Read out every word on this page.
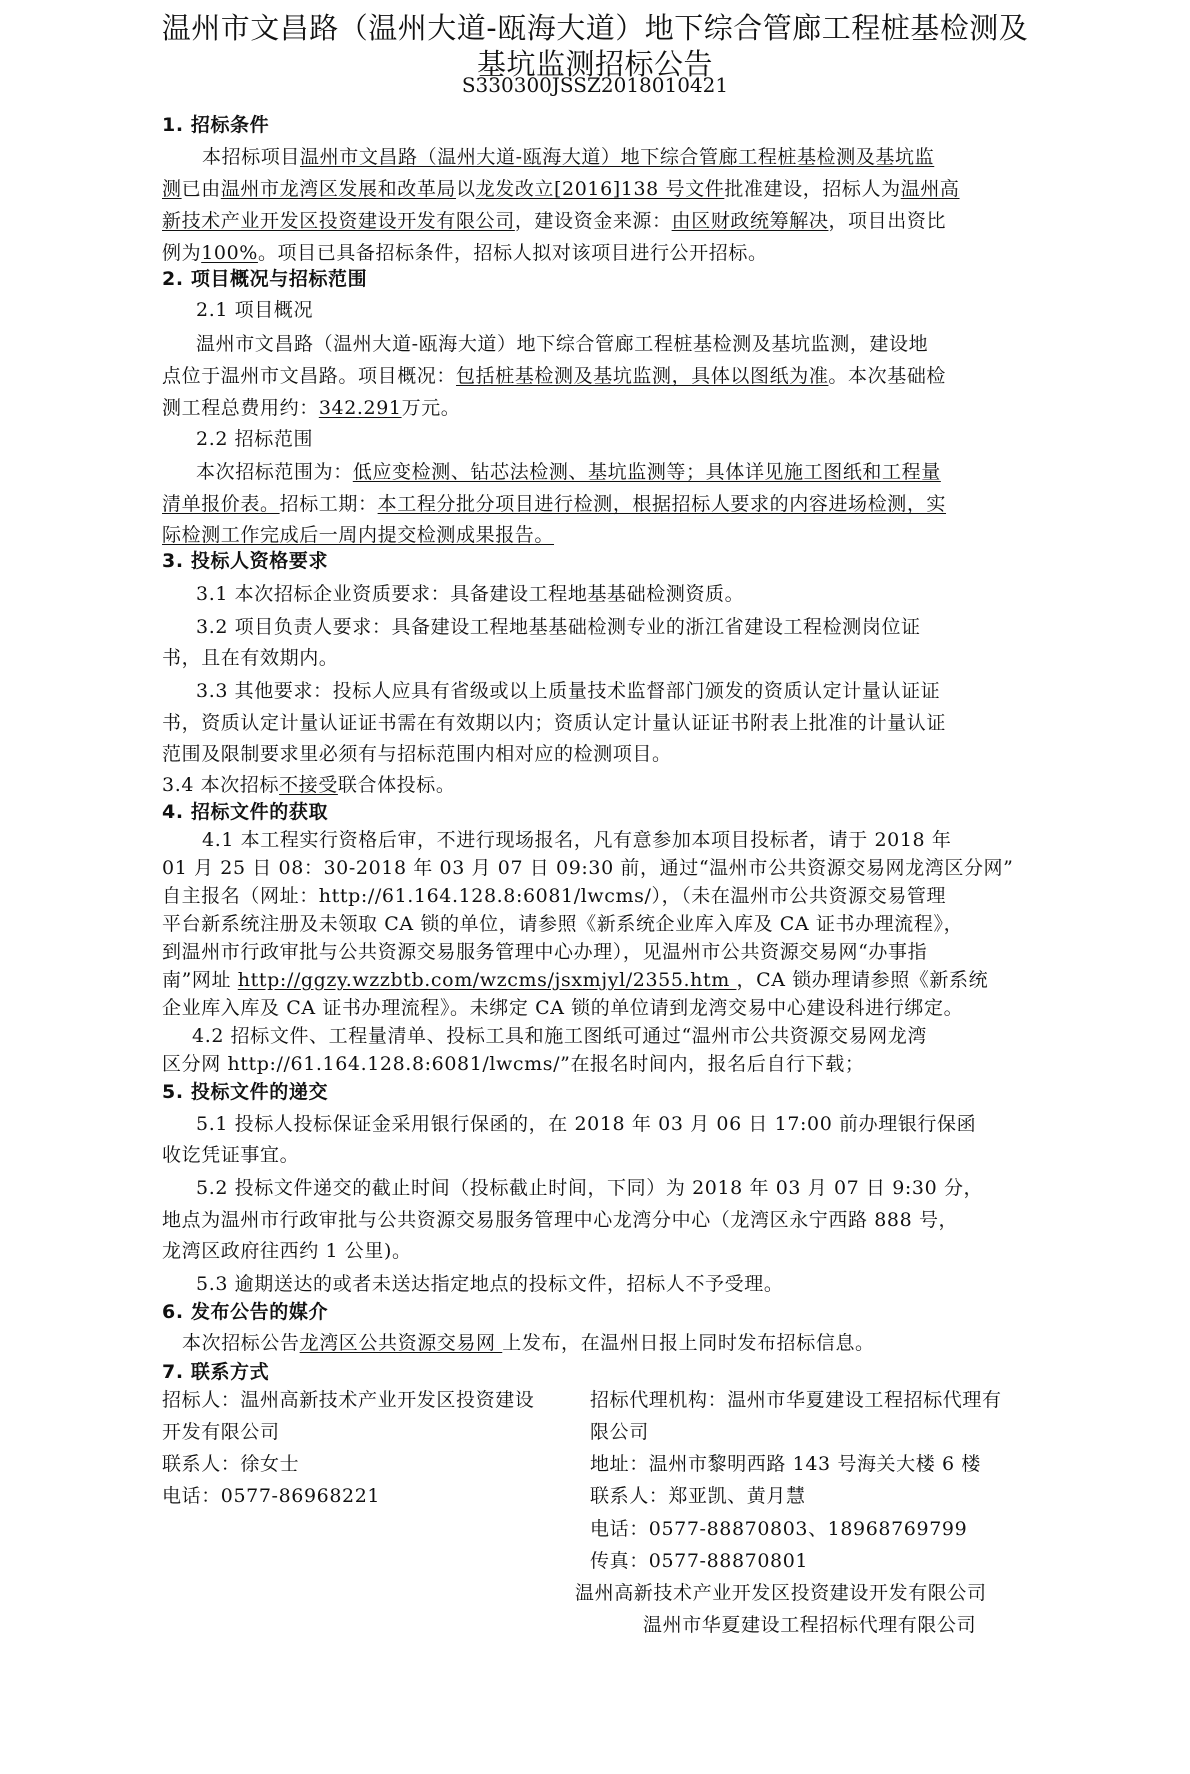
温州市文昌路（温州大道-瓯海大道）地下综合管廊工程桩基检测及
基坑监测招标公告
S330300JSSZ2018010421
1. 招标条件
本招标项目温州市文昌路（温州大道-瓯海大道）地下综合管廊工程桩基检测及基坑监
测已由温州市龙湾区发展和改革局以龙发改立[2016]138 号文件批准建设，招标人为温州高
新技术产业开发区投资建设开发有限公司，建设资金来源：由区财政统筹解决，项目出资比
例为100%。项目已具备招标条件，招标人拟对该项目进行公开招标。
2. 项目概况与招标范围
2.1 项目概况
温州市文昌路（温州大道-瓯海大道）地下综合管廊工程桩基检测及基坑监测，建设地
点位于温州市文昌路。项目概况：包括桩基检测及基坑监测，具体以图纸为准。本次基础检
测工程总费用约：342.291万元。
2.2 招标范围
本次招标范围为：低应变检测、钻芯法检测、基坑监测等；具体详见施工图纸和工程量
清单报价表。招标工期：本工程分批分项目进行检测，根据招标人要求的内容进场检测，实
际检测工作完成后一周内提交检测成果报告。
3. 投标人资格要求
3.1 本次招标企业资质要求：具备建设工程地基基础检测资质。
3.2 项目负责人要求：具备建设工程地基基础检测专业的浙江省建设工程检测岗位证
书，且在有效期内。
3.3 其他要求：投标人应具有省级或以上质量技术监督部门颁发的资质认定计量认证证
书，资质认定计量认证证书需在有效期以内；资质认定计量认证证书附表上批准的计量认证
范围及限制要求里必须有与招标范围内相对应的检测项目。
3.4 本次招标不接受联合体投标。
4. 招标文件的获取
4.1 本工程实行资格后审，不进行现场报名，凡有意参加本项目投标者，请于 2018 年
01 月 25 日 08：30-2018 年 03 月 07 日 09:30 前，通过“温州市公共资源交易网龙湾区分网”
自主报名（网址：http://61.164.128.8:6081/lwcms/），（未在温州市公共资源交易管理
平台新系统注册及未领取 CA 锁的单位，请参照《新系统企业库入库及 CA 证书办理流程》，
到温州市行政审批与公共资源交易服务管理中心办理），见温州市公共资源交易网“办事指
南”网址 http://ggzy.wzzbtb.com/wzcms/jsxmjyl/2355.htm ，CA 锁办理请参照《新系统
企业库入库及 CA 证书办理流程》。未绑定 CA 锁的单位请到龙湾交易中心建设科进行绑定。
4.2 招标文件、工程量清单、投标工具和施工图纸可通过“温州市公共资源交易网龙湾
区分网 http://61.164.128.8:6081/lwcms/”在报名时间内，报名后自行下载；
5. 投标文件的递交
5.1 投标人投标保证金采用银行保函的，在 2018 年 03 月 06 日 17:00 前办理银行保函
收讫凭证事宜。
5.2 投标文件递交的截止时间（投标截止时间，下同）为 2018 年 03 月 07 日 9:30 分，
地点为温州市行政审批与公共资源交易服务管理中心龙湾分中心（龙湾区永宁西路 888 号，
龙湾区政府往西约 1 公里)。
5.3 逾期送达的或者未送达指定地点的投标文件，招标人不予受理。
6. 发布公告的媒介
本次招标公告龙湾区公共资源交易网 上发布，在温州日报上同时发布招标信息。
7. 联系方式
招标人：温州高新技术产业开发区投资建设
开发有限公司
联系人：徐女士
电话：0577-86968221
招标代理机构：温州市华夏建设工程招标代理有
限公司
地址：温州市黎明西路 143 号海关大楼 6 楼
联系人：郑亚凯、黄月慧
电话：0577-88870803、18968769799
传真：0577-88870801
温州高新技术产业开发区投资建设开发有限公司
温州市华夏建设工程招标代理有限公司
